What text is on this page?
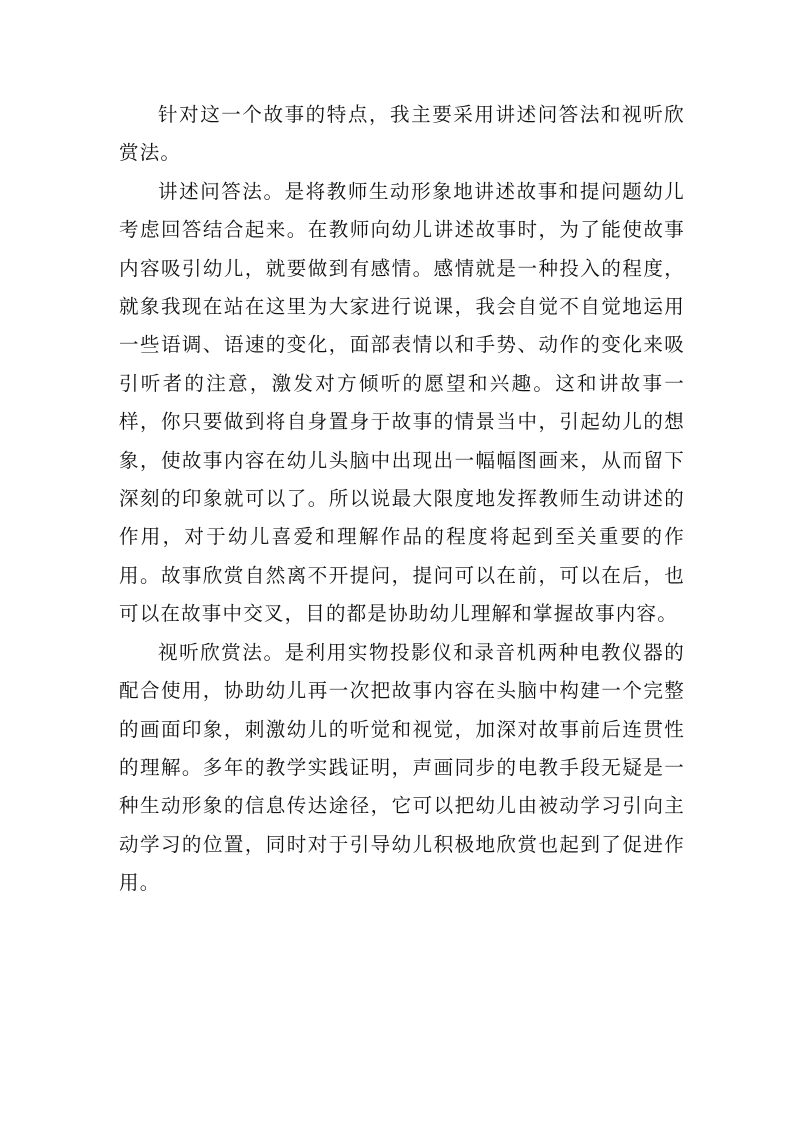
针对这一个故事的特点，我主要采用讲述问答法和视听欣赏法。

讲述问答法。是将教师生动形象地讲述故事和提问题幼儿考虑回答结合起来。在教师向幼儿讲述故事时，为了能使故事内容吸引幼儿，就要做到有感情。感情就是一种投入的程度，就象我现在站在这里为大家进行说课，我会自觉不自觉地运用一些语调、语速的变化，面部表情以和手势、动作的变化来吸引听者的注意，激发对方倾听的愿望和兴趣。这和讲故事一样，你只要做到将自身置身于故事的情景当中，引起幼儿的想象，使故事内容在幼儿头脑中出现出一幅幅图画来，从而留下深刻的印象就可以了。所以说最大限度地发挥教师生动讲述的作用，对于幼儿喜爱和理解作品的程度将起到至关重要的作用。故事欣赏自然离不开提问，提问可以在前，可以在后，也可以在故事中交叉，目的都是协助幼儿理解和掌握故事内容。

视听欣赏法。是利用实物投影仪和录音机两种电教仪器的配合使用，协助幼儿再一次把故事内容在头脑中构建一个完整的画面印象，刺激幼儿的听觉和视觉，加深对故事前后连贯性的理解。多年的教学实践证明，声画同步的电教手段无疑是一种生动形象的信息传达途径，它可以把幼儿由被动学习引向主动学习的位置，同时对于引导幼儿积极地欣赏也起到了促进作用。
